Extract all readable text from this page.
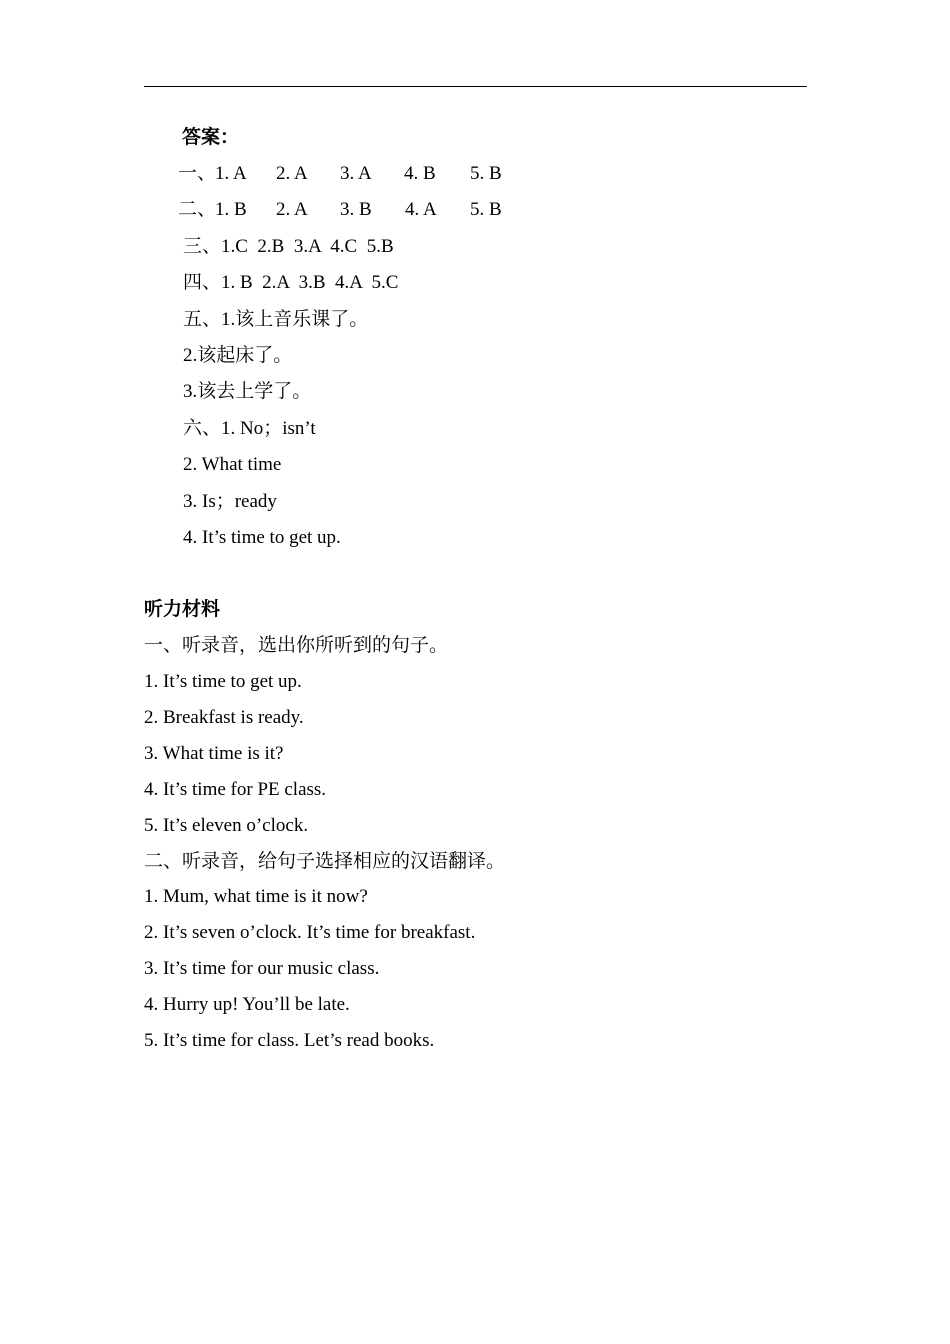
答案：

一、

1. A

2. A

3. A

4. B

5. B

二、

1. B

2. A

3. B

4. A

5. B

三、1.C  2.B  3.A  4.C  5.B
四、1. B  2.A  3.B  4.A  5.C
五、1.该上音乐课了。
2.该起床了。
3.该去上学了。
六、1. No；isn’t
2. What time
3. Is；ready
4. It’s time to get up.
听力材料
一、听录音，选出你所听到的句子。
1. It’s time to get up.
2. Breakfast is ready.
3. What time is it?
4. It’s time for PE class.
5. It’s eleven o’clock.
二、听录音，给句子选择相应的汉语翻译。
1. Mum, what time is it now?
2. It’s seven o’clock. It’s time for breakfast.
3. It’s time for our music class.
4. Hurry up! You’ll be late.
5. It’s time for class. Let’s read books.
